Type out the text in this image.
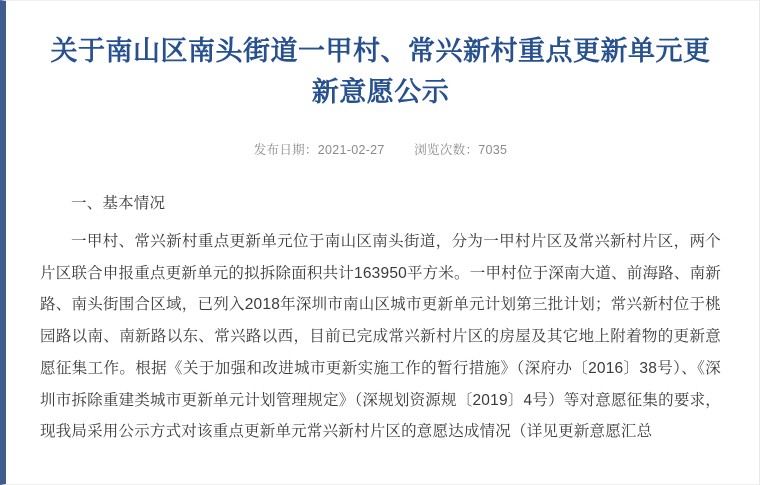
关于南山区南头街道一甲村、常兴新村重点更新单元更新意愿公示
发布日期：2021-02-27 浏览次数：7035

一、基本情况

一甲村、常兴新村重点更新单元位于南山区南头街道，分为一甲村片区及常兴新村片区，两个片区联合申报重点更新单元的拟拆除面积共计163950平方米。一甲村位于深南大道、前海路、南新路、南头街围合区域，已列入2018年深圳市南山区城市更新单元计划第三批计划；常兴新村位于桃园路以南、南新路以东、常兴路以西，目前已完成常兴新村片区的房屋及其它地上附着物的更新意愿征集工作。根据《关于加强和改进城市更新实施工作的暂行措施》（深府办〔2016〕38号）、《深圳市拆除重建类城市更新单元计划管理规定》（深规划资源规〔2019〕4号）等对意愿征集的要求，现我局采用公示方式对该重点更新单元常兴新村片区的意愿达成情况（详见更新意愿汇总
